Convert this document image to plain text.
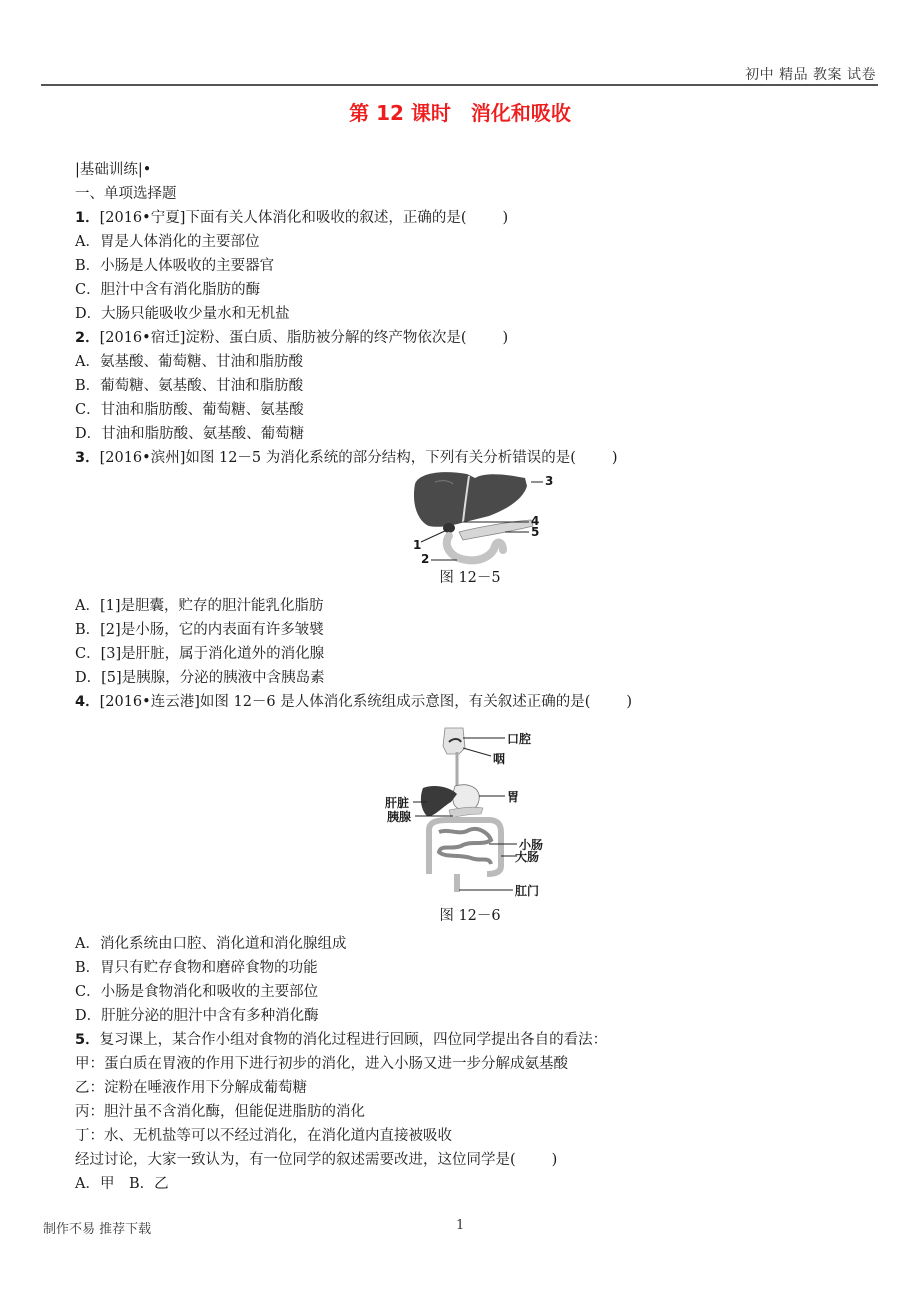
初中 精品 教案 试卷
第 12 课时　消化和吸收
|基础训练|•
一、单项选择题
1．[2016•宁夏]下面有关人体消化和吸收的叙述，正确的是( )
A．胃是人体消化的主要部位
B．小肠是人体吸收的主要器官
C．胆汁中含有消化脂肪的酶
D．大肠只能吸收少量水和无机盐
2．[2016•宿迁]淀粉、蛋白质、脂肪被分解的终产物依次是( )
A．氨基酸、葡萄糖、甘油和脂肪酸
B．葡萄糖、氨基酸、甘油和脂肪酸
C．甘油和脂肪酸、葡萄糖、氨基酸
D．甘油和脂肪酸、氨基酸、葡萄糖
3．[2016•滨州]如图 12－5 为消化系统的部分结构，下列有关分析错误的是( )
3
4
5
1
2
图 12－5
A．[1]是胆囊，贮存的胆汁能乳化脂肪
B．[2]是小肠，它的内表面有许多皱襞
C．[3]是肝脏，属于消化道外的消化腺
D．[5]是胰腺，分泌的胰液中含胰岛素
4．[2016•连云港]如图 12－6 是人体消化系统组成示意图，有关叙述正确的是( )
口腔
咽
胃
肝脏
胰腺
小肠
大肠
肛门
图 12－6
A．消化系统由口腔、消化道和消化腺组成
B．胃只有贮存食物和磨碎食物的功能
C．小肠是食物消化和吸收的主要部位
D．肝脏分泌的胆汁中含有多种消化酶
5．复习课上，某合作小组对食物的消化过程进行回顾，四位同学提出各自的看法：
甲：蛋白质在胃液的作用下进行初步的消化，进入小肠又进一步分解成氨基酸
乙：淀粉在唾液作用下分解成葡萄糖
丙：胆汁虽不含消化酶，但能促进脂肪的消化
丁：水、无机盐等可以不经过消化，在消化道内直接被吸收
经过讨论，大家一致认为，有一位同学的叙述需要改进，这位同学是( )
A．甲　B．乙
制作不易 推荐下载	1
